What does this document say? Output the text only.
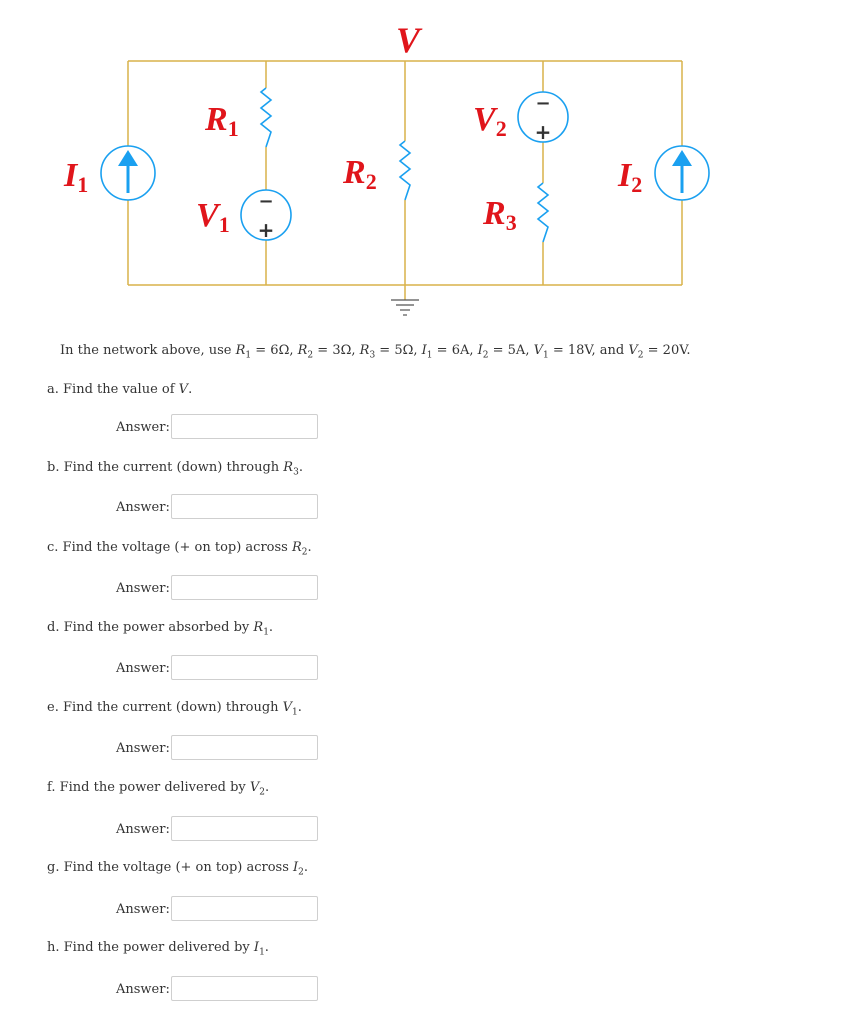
−
+
−
+
V
R1
V1
R2
V2
R3
I1	I2
In the network above, use $R_1 = 6\Omega$, $R_2 = 3\Omega$, $R_3 = 5\Omega$, $I_1 = 6A$, $I_2 = 5A$, $V_1 = 18V$, and $V_2 = 20V$.
a. Find the value of V.
Answer:
b. Find the current (down) through $R_3$.
Answer:
c. Find the voltage (+ on top) across $R_2$.
Answer:
d. Find the power absorbed by $R_1$.
Answer:
e. Find the current (down) through $V_1$.
Answer:
f. Find the power delivered by $V_2$.
Answer:
g. Find the voltage (+ on top) across $I_2$.
Answer:
h. Find the power delivered by $I_1$.
Answer:
